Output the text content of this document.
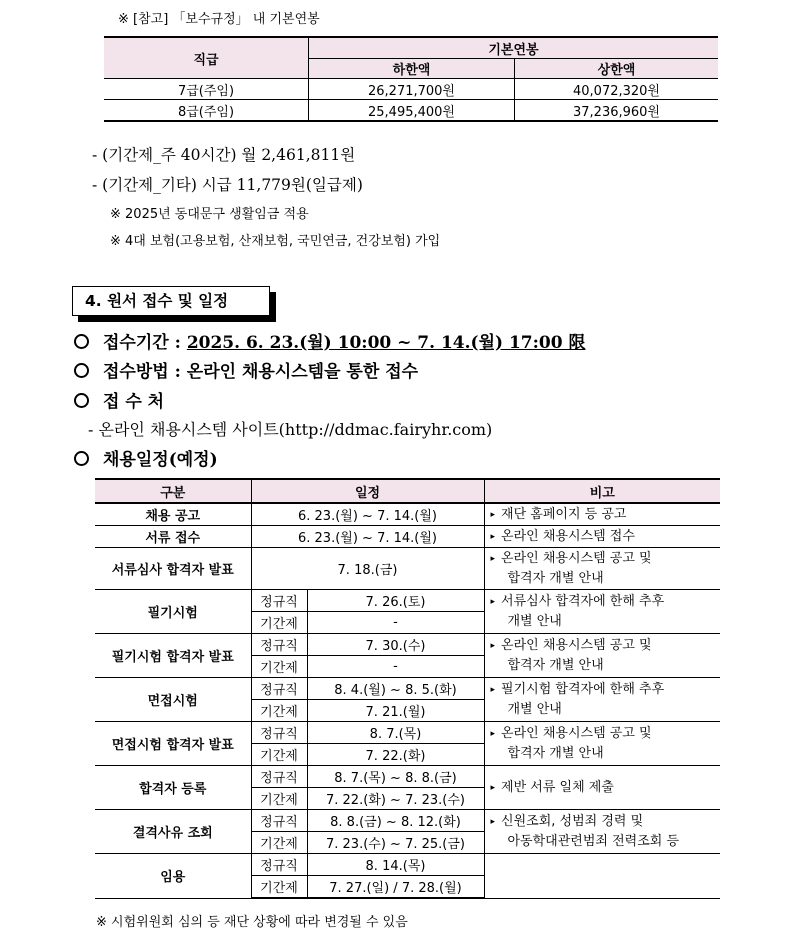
※ [참고] 「보수규정」 내 기본연봉
직급	기본연봉	
	하한액	상한액
7급(주임)	26,271,700원	40,072,320원
8급(주임)	25,495,400원	37,236,960원
- (기간제_주 40시간) 월 2,461,811원
- (기간제_기타) 시급 11,779원(일급제)
※ 2025년 동대문구 생활임금 적용
※ 4대 보험(고용보험, 산재보험, 국민연금, 건강보험) 가입
4. 원서 접수 및 일정
접수기간 : 2025. 6. 23.(월) 10:00 ~ 7. 14.(월) 17:00 限
접수방법 : 온라인 채용시스템을 통한 접수
접 수 처
- 온라인 채용시스템 사이트(http://ddmac.fairyhr.com)
채용일정(예정)
구분	일정		비고
채용 공고	6. 23.(월) ~ 7. 14.(월)		▸ 재단 홈페이지 등 공고
서류 접수	6. 23.(월) ~ 7. 14.(월)		▸ 온라인 채용시스템 접수
서류심사 합격자 발표	7. 18.(금)		▸ 온라인 채용시스템 공고 및
합격자 개별 안내
필기시험	정규직	7. 26.(토)	▸ 서류심사 합격자에 한해 추후
개별 안내
	기간제	-	
필기시험 합격자 발표	정규직	7. 30.(수)	▸ 온라인 채용시스템 공고 및
합격자 개별 안내
	기간제	-	
면접시험	정규직	8. 4.(월) ~ 8. 5.(화)	▸ 필기시험 합격자에 한해 추후
개별 안내
	기간제	7. 21.(월)	
면접시험 합격자 발표	정규직	8. 7.(목)	▸ 온라인 채용시스템 공고 및
합격자 개별 안내
	기간제	7. 22.(화)	
합격자 등록	정규직	8. 7.(목) ~ 8. 8.(금)	▸ 제반 서류 일체 제출
	기간제	7. 22.(화) ~ 7. 23.(수)	
결격사유 조회	정규직	8. 8.(금) ~ 8. 12.(화)	▸ 신원조회, 성범죄 경력 및
아동학대관련범죄 전력조회 등
	기간제	7. 23.(수) ~ 7. 25.(금)	
임용	정규직	8. 14.(목)	
	기간제	7. 27.(일) / 7. 28.(월)	
※ 시험위원회 심의 등 재단 상황에 따라 변경될 수 있음
